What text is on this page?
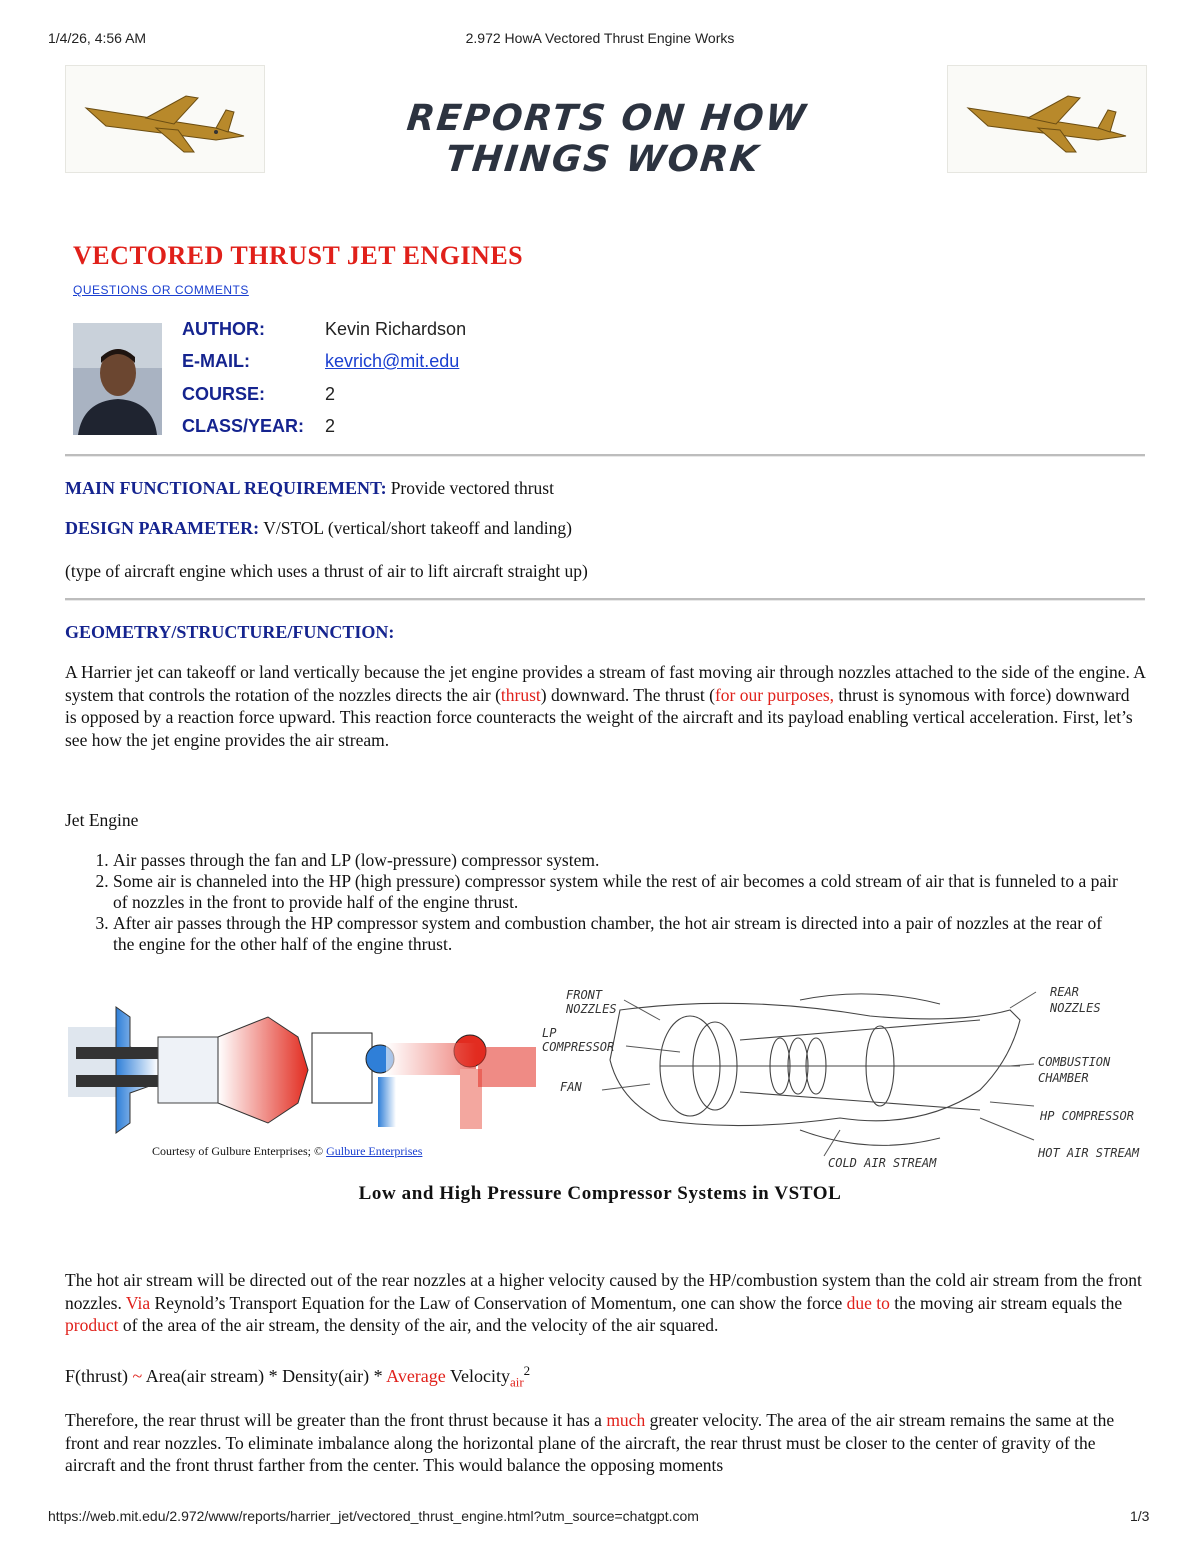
1/4/26, 4:56 AM	2.972 HowA Vectored Thrust Engine Works
REPORTS ON HOW THINGS WORK
VECTORED THRUST JET ENGINES
QUESTIONS OR COMMENTS
AUTHOR:	Kevin Richardson
E-MAIL:	kevrich@mit.edu
COURSE:	2
CLASS/YEAR: 2
MAIN FUNCTIONAL REQUIREMENT: Provide vectored thrust
DESIGN PARAMETER: V/STOL (vertical/short takeoff and landing)
(type of aircraft engine which uses a thrust of air to lift aircraft straight up)
GEOMETRY/STRUCTURE/FUNCTION:
A Harrier jet can takeoff or land vertically because the jet engine provides a stream of fast moving air through nozzles attached to the side of the engine. A system that controls the rotation of the nozzles directs the air (thrust) downward. The thrust (for our purposes, thrust is synomous with force) downward is opposed by a reaction force upward. This reaction force counteracts the weight of the aircraft and its payload enabling vertical acceleration. First, let’s see how the jet engine provides the air stream.
Jet Engine
1. Air passes through the fan and LP (low-pressure) compressor system.
2. Some air is channeled into the HP (high pressure) compressor system while the rest of air becomes a cold stream of air that is funneled to a pair of nozzles in the front to provide half of the engine thrust.
3. After air passes through the HP compressor system and combustion chamber, the hot air stream is directed into a pair of nozzles at the rear of the engine for the other half of the engine thrust.
FRONT NOZZLES
LP COMPRESSOR
FAN
REAR NOZZLES
COMBUSTION CHAMBER
HP COMPRESSOR
HOT AIR STREAM
COLD AIR STREAM
Courtesy of Gulbure Enterprises; © Gulbure Enterprises
Low and High Pressure Compressor Systems in VSTOL
The hot air stream will be directed out of the rear nozzles at a higher velocity caused by the HP/combustion system than the cold air stream from the front nozzles. Via Reynold’s Transport Equation for the Law of Conservation of Momentum, one can show the force due to the moving air stream equals the product of the area of the air stream, the density of the air, and the velocity of the air squared.
F(thrust) ~ Area(air stream) * Density(air) * Average Velocity$_{air}^2$
Therefore, the rear thrust will be greater than the front thrust because it has a much greater velocity. The area of the air stream remains the same at the front and rear nozzles. To eliminate imbalance along the horizontal plane of the aircraft, the rear thrust must be closer to the center of gravity of the aircraft and the front thrust farther from the center. This would balance the opposing moments
https://web.mit.edu/2.972/www/reports/harrier_jet/vectored_thrust_engine.html?utm_source=chatgpt.com	1/3
